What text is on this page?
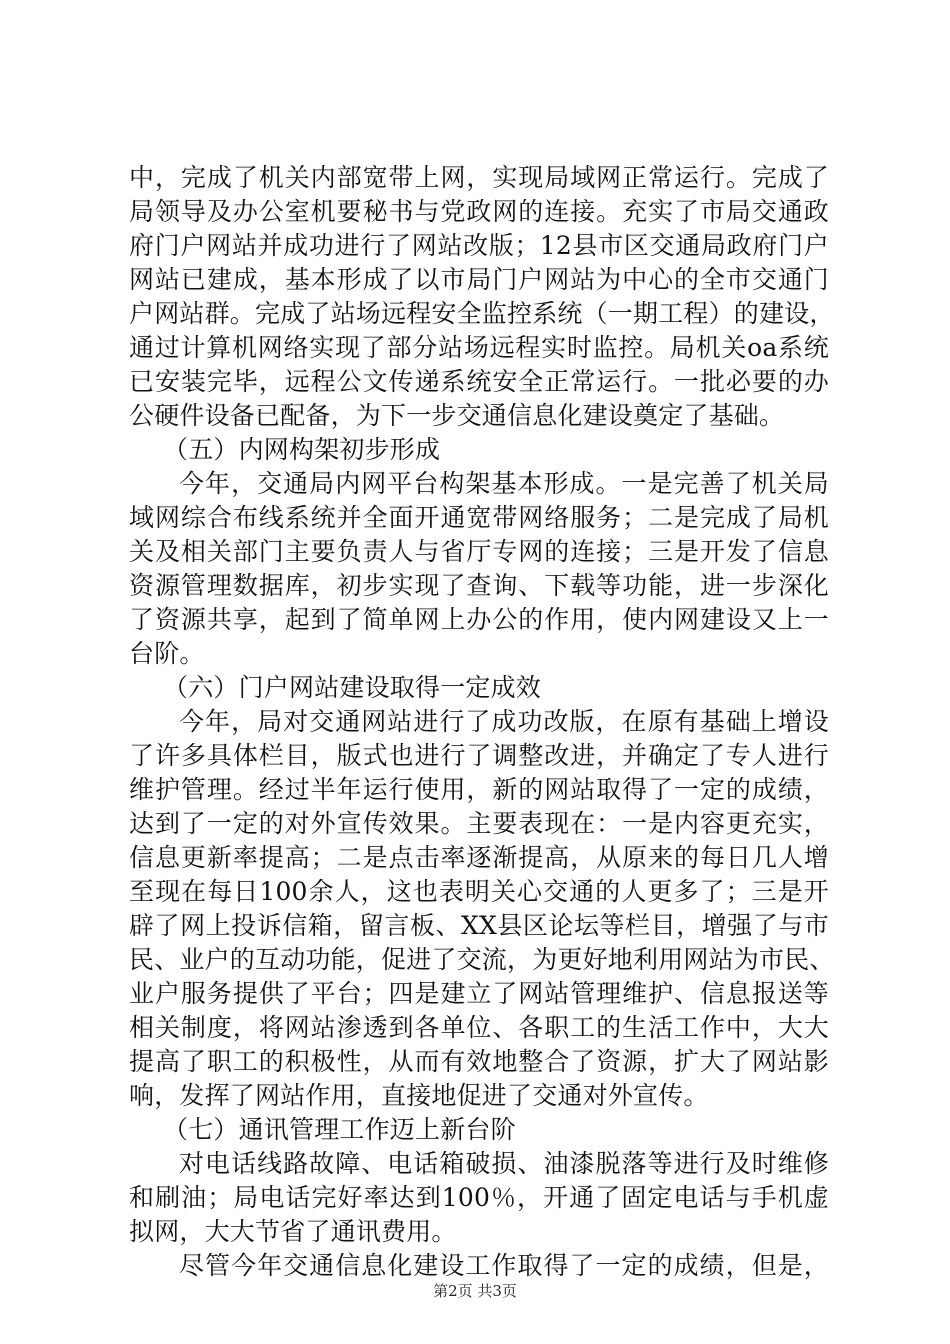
中，完成了机关内部宽带上网，实现局域网正常运行。完成了
局领导及办公室机要秘书与党政网的连接。充实了市局交通政
府门户网站并成功进行了网站改版；12县市区交通局政府门户
网站已建成，基本形成了以市局门户网站为中心的全市交通门
户网站群。完成了站场远程安全监控系统（一期工程）的建设，
通过计算机网络实现了部分站场远程实时监控。局机关oa系统
已安装完毕，远程公文传递系统安全正常运行。一批必要的办
公硬件设备已配备，为下一步交通信息化建设奠定了基础。
（五）内网构架初步形成
今年，交通局内网平台构架基本形成。一是完善了机关局
域网综合布线系统并全面开通宽带网络服务；二是完成了局机
关及相关部门主要负责人与省厅专网的连接；三是开发了信息
资源管理数据库，初步实现了查询、下载等功能，进一步深化
了资源共享，起到了简单网上办公的作用，使内网建设又上一
台阶。
（六）门户网站建设取得一定成效
今年，局对交通网站进行了成功改版，在原有基础上增设
了许多具体栏目，版式也进行了调整改进，并确定了专人进行
维护管理。经过半年运行使用，新的网站取得了一定的成绩，
达到了一定的对外宣传效果。主要表现在：一是内容更充实，
信息更新率提高；二是点击率逐渐提高，从原来的每日几人增
至现在每日100余人，这也表明关心交通的人更多了；三是开
辟了网上投诉信箱，留言板、XX县区论坛等栏目，增强了与市
民、业户的互动功能，促进了交流，为更好地利用网站为市民、
业户服务提供了平台；四是建立了网站管理维护、信息报送等
相关制度，将网站渗透到各单位、各职工的生活工作中，大大
提高了职工的积极性，从而有效地整合了资源，扩大了网站影
响，发挥了网站作用，直接地促进了交通对外宣传。
（七）通讯管理工作迈上新台阶
对电话线路故障、电话箱破损、油漆脱落等进行及时维修
和刷油；局电话完好率达到100％，开通了固定电话与手机虚
拟网，大大节省了通讯费用。
尽管今年交通信息化建设工作取得了一定的成绩，但是，
第2页 共3页
